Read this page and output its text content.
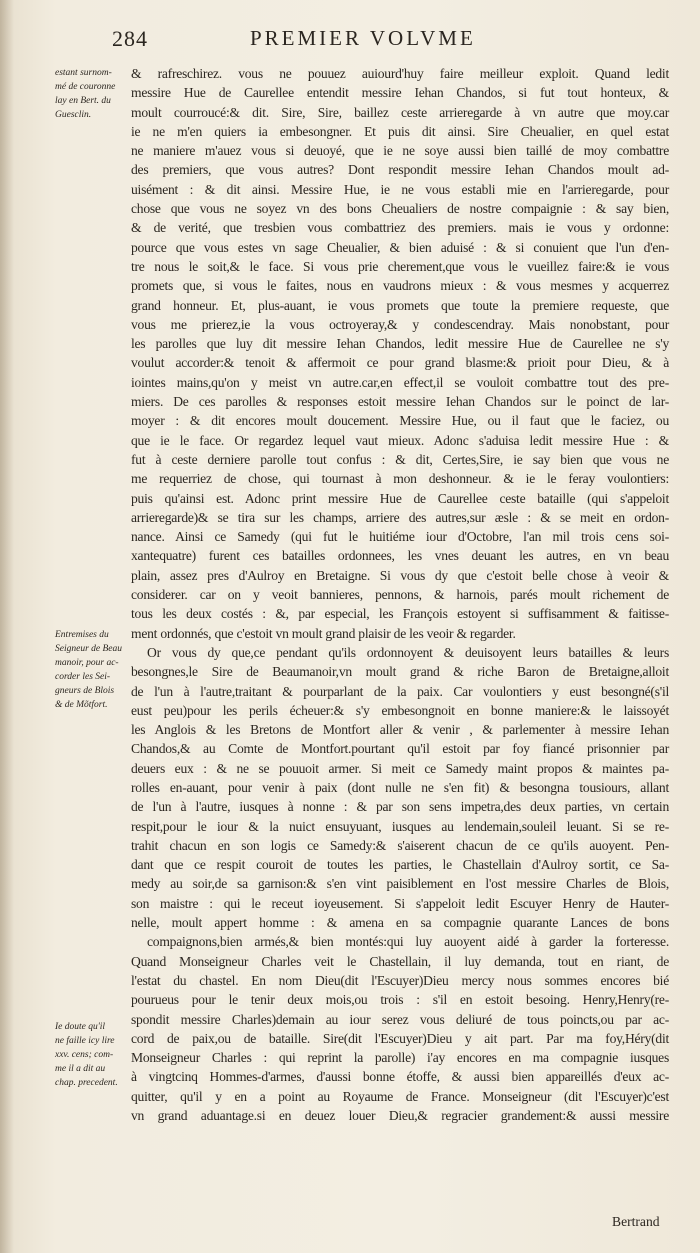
284	PREMIER VOLVME
estant surnom-
mé de couronne
lay en Bert. du
Guesclin.
Entremises du
Seigneur de Beau
manoir, pour ac-
corder les Sei-
gneurs de Blois
& de Mõtfort.
Ie doute qu'il
ne faille icy lire
xxv. cens; com-
me il a dit au
chap. precedent.
& rafreschirez. vous ne pouuez auiourd'huy faire meilleur exploit. Quand ledit
messire Hue de Caurellee entendit messire Iehan Chandos, si fut tout honteux, &
moult courroucé:& dit. Sire, Sire, baillez ceste arrieregarde à vn autre que moy.car
ie ne m'en quiers ia embesongner. Et puis dit ainsi. Sire Cheualier, en quel estat
ne maniere m'auez vous si deuoyé, que ie ne soye aussi bien taillé de moy combattre
des premiers, que vous autres? Dont respondit messire Iehan Chandos moult ad-
uisément : & dit ainsi. Messire Hue, ie ne vous establi mie en l'arrieregarde, pour
chose que vous ne soyez vn des bons Cheualiers de nostre compaignie : & say bien,
& de verité, que tresbien vous combattriez des premiers. mais ie vous y ordonne:
pource que vous estes vn sage Cheualier, & bien aduisé : & si conuient que l'un d'en-
tre nous le soit,& le face. Si vous prie cherement,que vous le vueillez faire:& ie vous
promets que, si vous le faites, nous en vaudrons mieux : & vous mesmes y acquerrez
grand honneur. Et, plus-auant, ie vous promets que toute la premiere requeste, que
vous me prierez,ie la vous octroyeray,& y condescendray. Mais nonobstant, pour
les parolles que luy dit messire Iehan Chandos, ledit messire Hue de Caurellee ne s'y
voulut accorder:& tenoit & affermoit ce pour grand blasme:& prioit pour Dieu, & à
iointes mains,qu'on y meist vn autre.car,en effect,il se vouloit combattre tout des pre-
miers. De ces parolles & responses estoit messire Iehan Chandos sur le poinct de lar-
moyer : & dit encores moult doucement. Messire Hue, ou il faut que le faciez, ou
que ie le face. Or regardez lequel vaut mieux. Adonc s'aduisa ledit messire Hue : &
fut à ceste derniere parolle tout confus : & dit, Certes,Sire, ie say bien que vous ne
me requerriez de chose, qui tournast à mon deshonneur. & ie le feray voulontiers:
puis qu'ainsi est. Adonc print messire Hue de Caurellee ceste bataille (qui s'appeloit
arrieregarde)& se tira sur les champs, arriere des autres,sur æsle : & se meit en ordon-
nance. Ainsi ce Samedy (qui fut le huitiéme iour d'Octobre, l'an mil trois cens soi-
xantequatre) furent ces batailles ordonnees, les vnes deuant les autres, en vn beau
plain, assez pres d'Aulroy en Bretaigne. Si vous dy que c'estoit belle chose à veoir &
considerer. car on y veoit bannieres, pennons, & harnois, parés moult richement de
tous les deux costés : &, par especial, les François estoyent si suffisamment & faitisse-
ment ordonnés, que c'estoit vn moult grand plaisir de les veoir & regarder.
Or vous dy que,ce pendant qu'ils ordonnoyent & deuisoyent leurs batailles & leurs
besongnes,le Sire de Beaumanoir,vn moult grand & riche Baron de Bretaigne,alloit
de l'un à l'autre,traitant & pourparlant de la paix. Car voulontiers y eust besongné(s'il
eust peu)pour les perils écheuer:& s'y embesongnoit en bonne maniere:& le laissoyét
les Anglois & les Bretons de Montfort aller & venir , & parlementer à messire Iehan
Chandos,& au Comte de Montfort.pourtant qu'il estoit par foy fiancé prisonnier par
deuers eux : & ne se pouuoit armer. Si meit ce Samedy maint propos & maintes pa-
rolles en-auant, pour venir à paix (dont nulle ne s'en fit) & besongna tousiours, allant
de l'un à l'autre, iusques à nonne : & par son sens impetra,des deux parties, vn certain
respit,pour le iour & la nuict ensuyuant, iusques au lendemain,souleil leuant. Si se re-
trahit chacun en son logis ce Samedy:& s'aiserent chacun de ce qu'ils auoyent. Pen-
dant que ce respit couroit de toutes les parties, le Chastellain d'Aulroy sortit, ce Sa-
medy au soir,de sa garnison:& s'en vint paisiblement en l'ost messire Charles de Blois,
son maistre : qui le receut ioyeusement. Si s'appeloit ledit Escuyer Henry de Hauter-
nelle, moult appert homme : & amena en sa compagnie quarante Lances de bons
compaignons,bien armés,& bien montés:qui luy auoyent aidé à garder la forteresse.
Quand Monseigneur Charles veit le Chastellain, il luy demanda, tout en riant, de
l'estat du chastel. En nom Dieu(dit l'Escuyer)Dieu mercy nous sommes encores bié
pourueus pour le tenir deux mois,ou trois : s'il en estoit besoing. Henry,Henry(re-
spondit messire Charles)demain au iour serez vous deliuré de tous poincts,ou par ac-
cord de paix,ou de bataille. Sire(dit l'Escuyer)Dieu y ait part. Par ma foy,Héry(dit
Monseigneur Charles : qui reprint la parolle) i'ay encores en ma compagnie iusques
à vingtcinq Hommes-d'armes, d'aussi bonne étoffe, & aussi bien appareillés d'eux ac-
quitter, qu'il y en a point au Royaume de France. Monseigneur (dit l'Escuyer)c'est
vn grand aduantage.si en deuez louer Dieu,& regracier grandement:& aussi messire
Bertrand
